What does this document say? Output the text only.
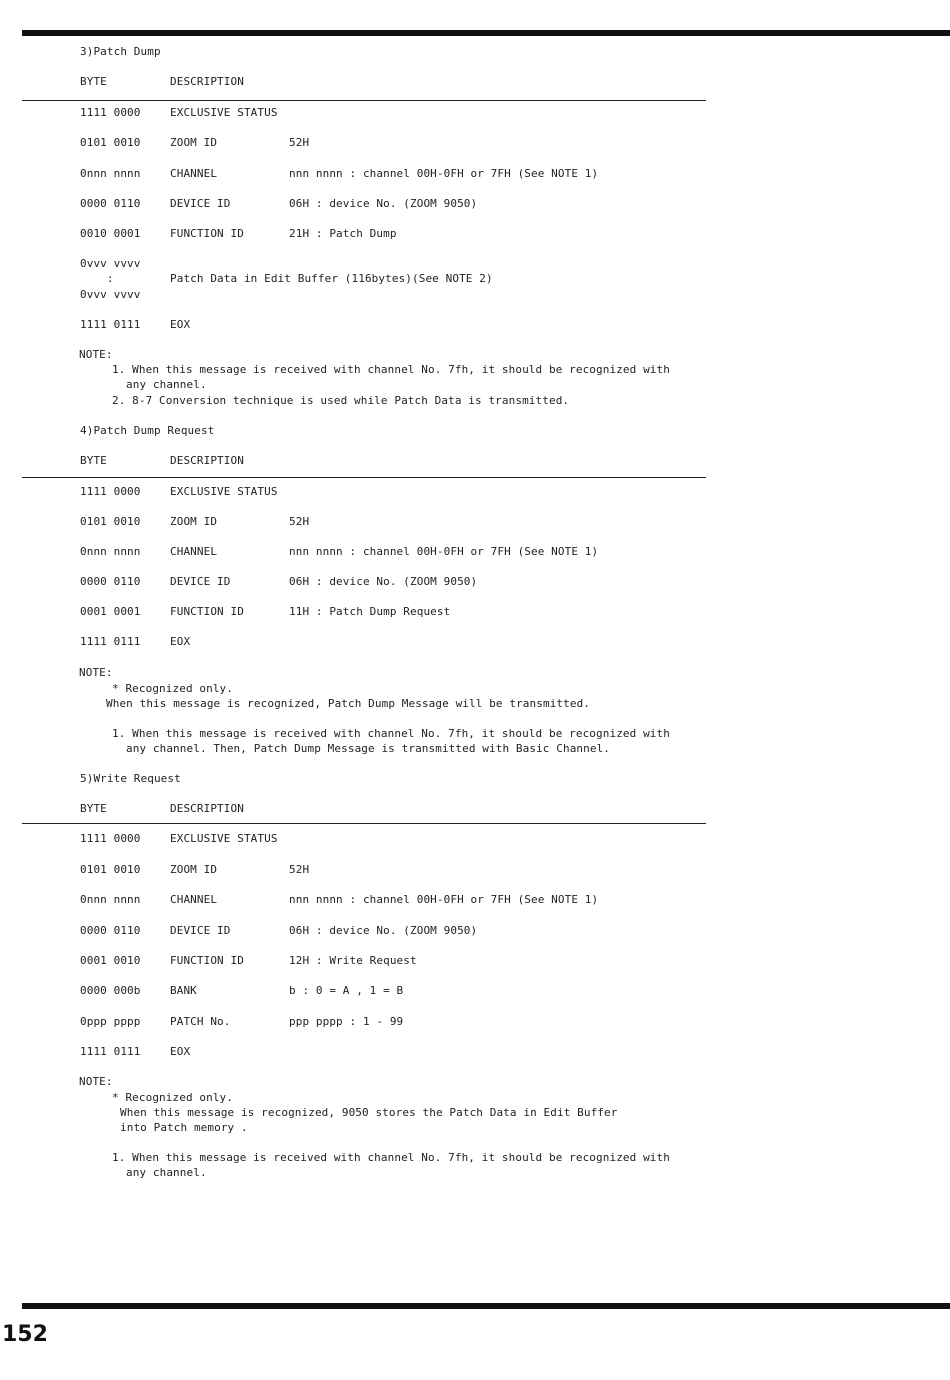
3)Patch Dump
BYTE	DESCRIPTION
1111 0000	EXCLUSIVE STATUS
0101 0010	ZOOM ID	52H
0nnn nnnn	CHANNEL	nnn nnnn : channel 00H-0FH or 7FH (See NOTE 1)
0000 0110	DEVICE ID	06H : device No. (ZOOM 9050)
0010 0001	FUNCTION ID	21H : Patch Dump
0vvv vvvv
:	Patch Data in Edit Buffer (116bytes)(See NOTE 2)
0vvv vvvv
1111 0111	EOX
NOTE:
1. When this message is received with channel No. 7fh, it should be recognized with
any channel.
2. 8-7 Conversion technique is used while Patch Data is transmitted.
4)Patch Dump Request
BYTE	DESCRIPTION
1111 0000	EXCLUSIVE STATUS
0101 0010	ZOOM ID	52H
0nnn nnnn	CHANNEL	nnn nnnn : channel 00H-0FH or 7FH (See NOTE 1)
0000 0110	DEVICE ID	06H : device No. (ZOOM 9050)
0001 0001	FUNCTION ID	11H : Patch Dump Request
1111 0111	EOX
NOTE:
* Recognized only.
When this message is recognized, Patch Dump Message will be transmitted.
1. When this message is received with channel No. 7fh, it should be recognized with
any channel. Then, Patch Dump Message is transmitted with Basic Channel.
5)Write Request
BYTE	DESCRIPTION
1111 0000	EXCLUSIVE STATUS
0101 0010	ZOOM ID	52H
0nnn nnnn	CHANNEL	nnn nnnn : channel 00H-0FH or 7FH (See NOTE 1)
0000 0110	DEVICE ID	06H : device No. (ZOOM 9050)
0001 0010	FUNCTION ID	12H : Write Request
0000 000b	BANK	b : 0 = A , 1 = B
0ppp pppp	PATCH No.	ppp pppp : 1 - 99
1111 0111	EOX
NOTE:
* Recognized only.
When this message is recognized, 9050 stores the Patch Data in Edit Buffer
into Patch memory .
1. When this message is received with channel No. 7fh, it should be recognized with
any channel.
152
